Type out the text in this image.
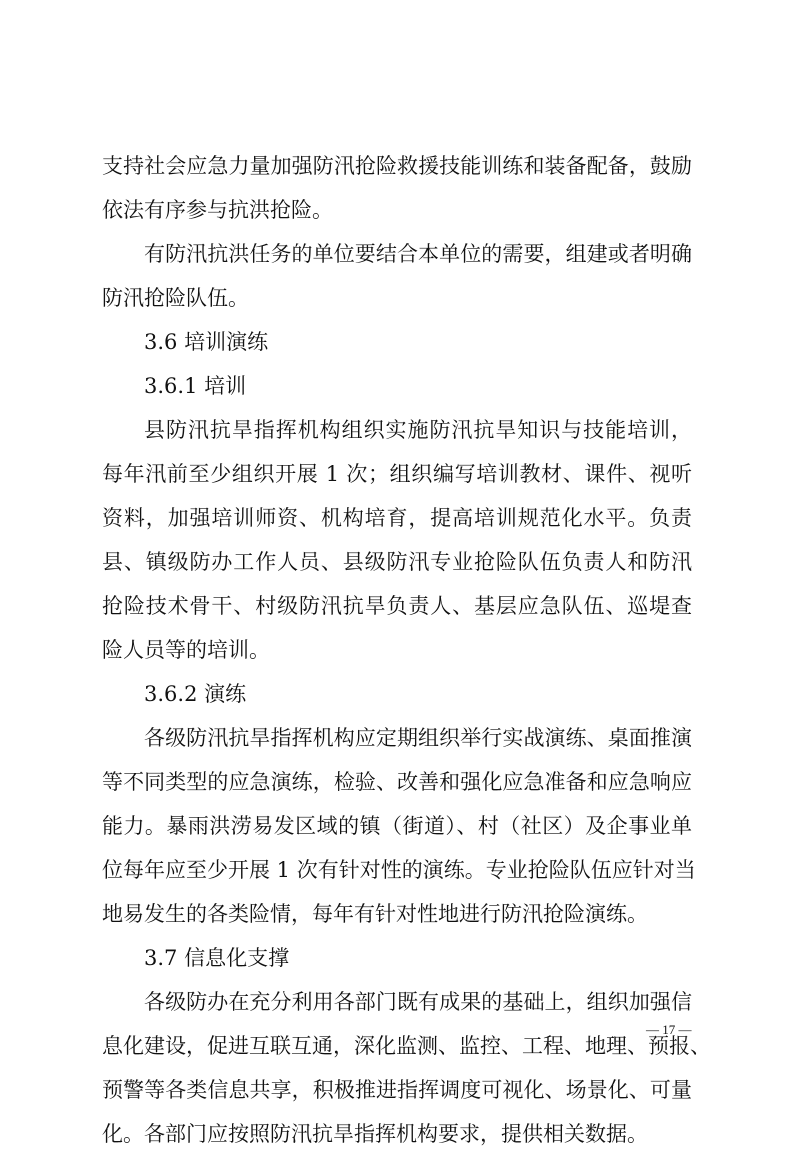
支持社会应急力量加强防汛抢险救援技能训练和装备配备，鼓励
依法有序参与抗洪抢险。
有防汛抗洪任务的单位要结合本单位的需要，组建或者明确
防汛抢险队伍。
3.6 培训演练
3.6.1 培训
县防汛抗旱指挥机构组织实施防汛抗旱知识与技能培训，
每年汛前至少组织开展 1 次；组织编写培训教材、课件、视听
资料，加强培训师资、机构培育，提高培训规范化水平。负责
县、镇级防办工作人员、县级防汛专业抢险队伍负责人和防汛
抢险技术骨干、村级防汛抗旱负责人、基层应急队伍、巡堤查
险人员等的培训。
3.6.2 演练
各级防汛抗旱指挥机构应定期组织举行实战演练、桌面推演
等不同类型的应急演练，检验、改善和强化应急准备和应急响应
能力。暴雨洪涝易发区域的镇（街道）、村（社区）及企事业单
位每年应至少开展 1 次有针对性的演练。专业抢险队伍应针对当
地易发生的各类险情，每年有针对性地进行防汛抢险演练。
3.7 信息化支撑
各级防办在充分利用各部门既有成果的基础上，组织加强信
息化建设，促进互联互通，深化监测、监控、工程、地理、预报、
预警等各类信息共享，积极推进指挥调度可视化、场景化、可量
化。各部门应按照防汛抗旱指挥机构要求，提供相关数据。
— 17 —
